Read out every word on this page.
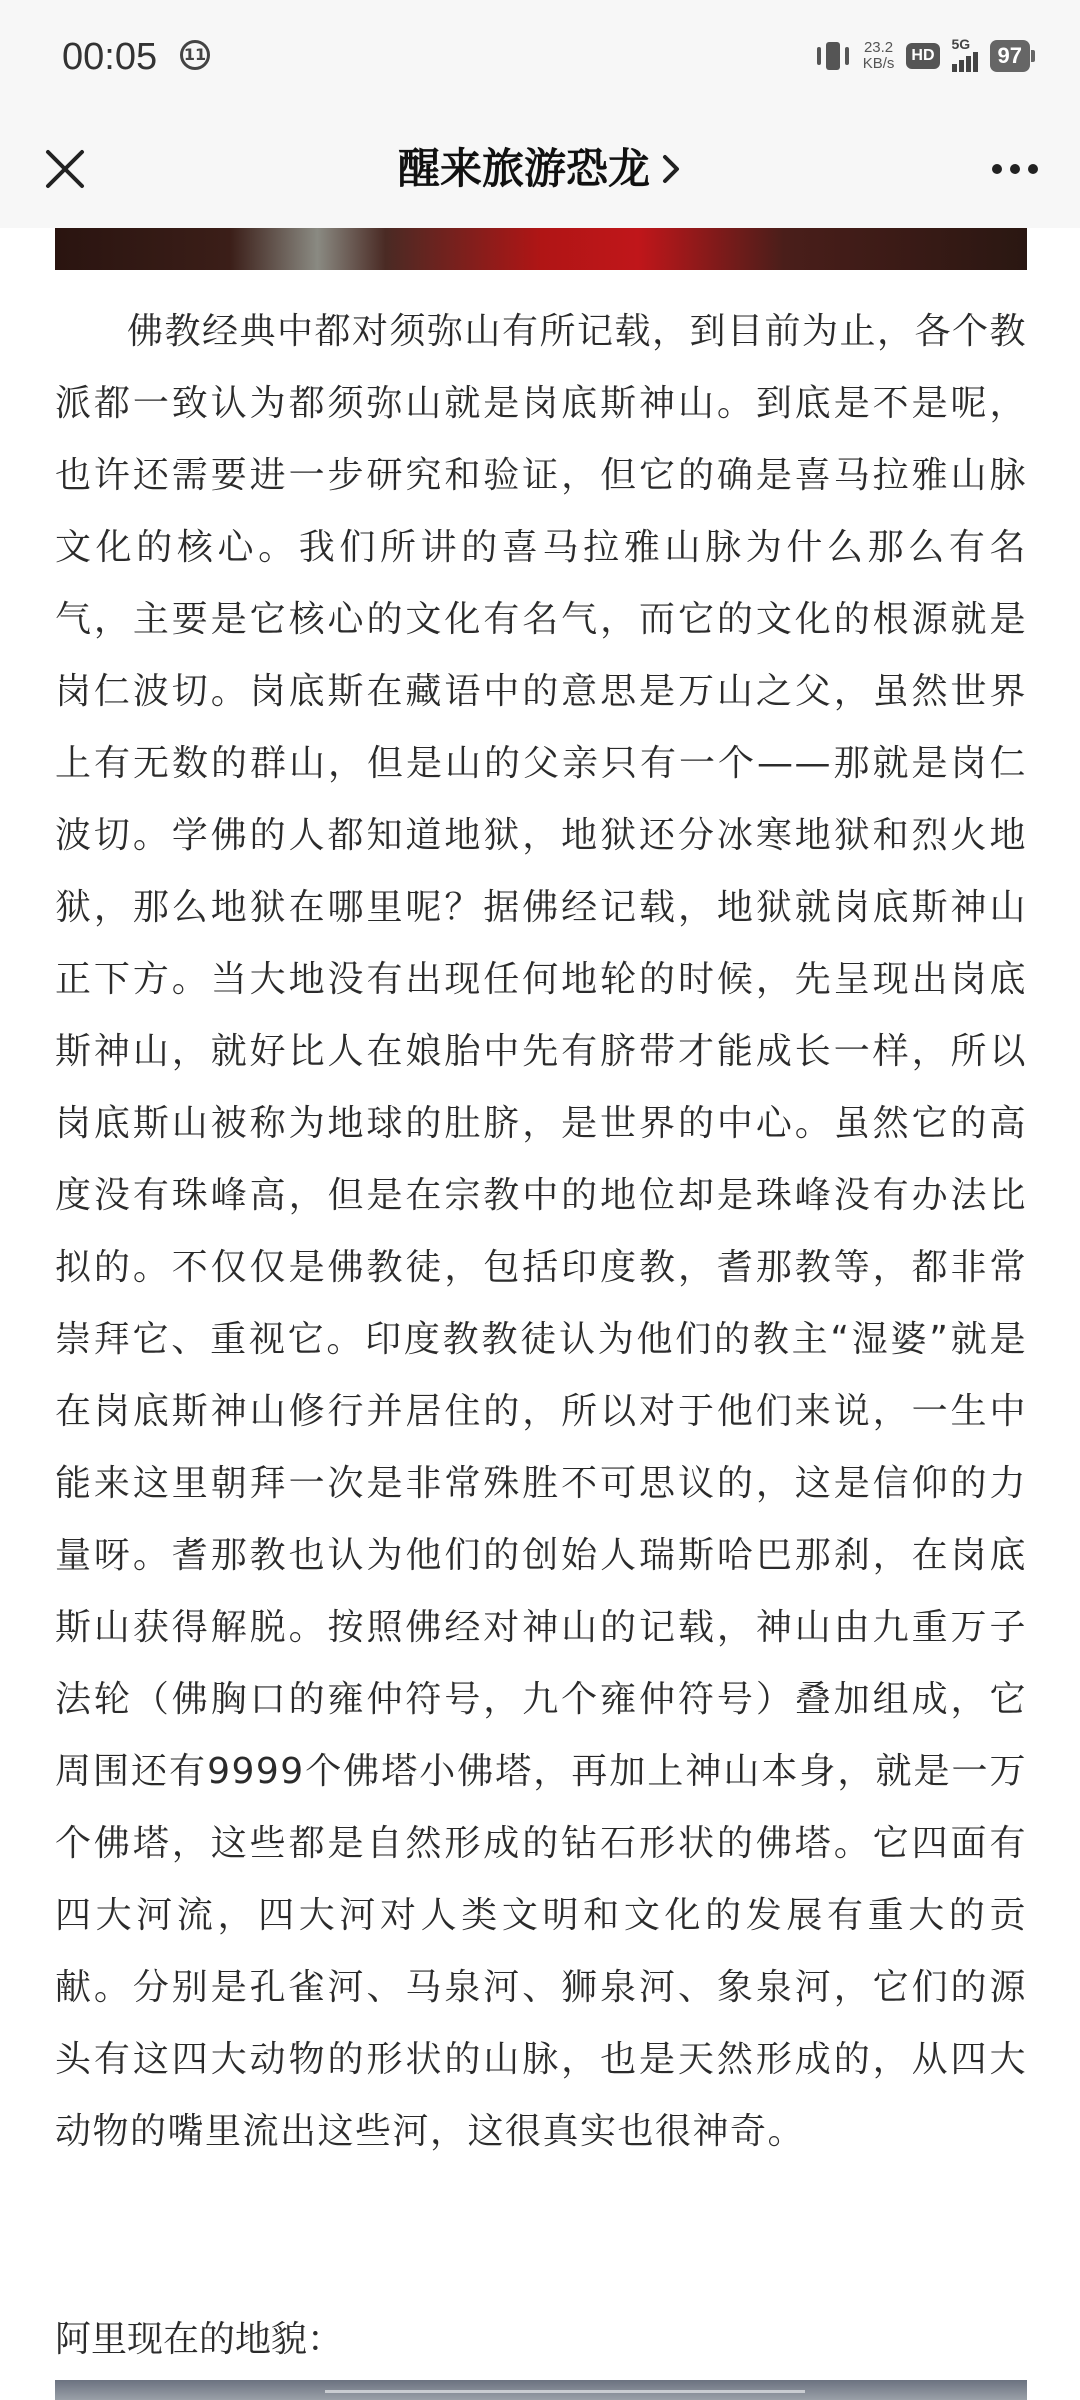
00:05 11	23.2
KB/s	HD
5G	97
醒来旅游恐龙

佛教经典中都对须弥山有所记载，到目前为止，各个教派都一致认为都须弥山就是岗底斯神山。到底是不是呢，也许还需要进一步研究和验证，但它的确是喜马拉雅山脉文化的核心。我们所讲的喜马拉雅山脉为什么那么有名气，主要是它核心的文化有名气，而它的文化的根源就是岗仁波切。岗底斯在藏语中的意思是万山之父，虽然世界上有无数的群山，但是山的父亲只有一个——那就是岗仁波切。学佛的人都知道地狱，地狱还分冰寒地狱和烈火地狱，那么地狱在哪里呢？据佛经记载，地狱就岗底斯神山正下方。当大地没有出现任何地轮的时候，先呈现出岗底斯神山，就好比人在娘胎中先有脐带才能成长一样，所以岗底斯山被称为地球的肚脐，是世界的中心。虽然它的高度没有珠峰高，但是在宗教中的地位却是珠峰没有办法比拟的。不仅仅是佛教徒，包括印度教，耆那教等，都非常崇拜它、重视它。印度教教徒认为他们的教主“湿婆”就是在岗底斯神山修行并居住的，所以对于他们来说，一生中能来这里朝拜一次是非常殊胜不可思议的，这是信仰的力量呀。耆那教也认为他们的创始人瑞斯哈巴那刹，在岗底斯山获得解脱。按照佛经对神山的记载，神山由九重万子法轮（佛胸口的雍仲符号，九个雍仲符号）叠加组成，它周围还有9999个佛塔小佛塔，再加上神山本身，就是一万个佛塔，这些都是自然形成的钻石形状的佛塔。它四面有四大河流，四大河对人类文明和文化的发展有重大的贡献。分别是孔雀河、马泉河、狮泉河、象泉河，它们的源头有这四大动物的形状的山脉，也是天然形成的，从四大动物的嘴里流出这些河，这很真实也很神奇。

阿里现在的地貌：
